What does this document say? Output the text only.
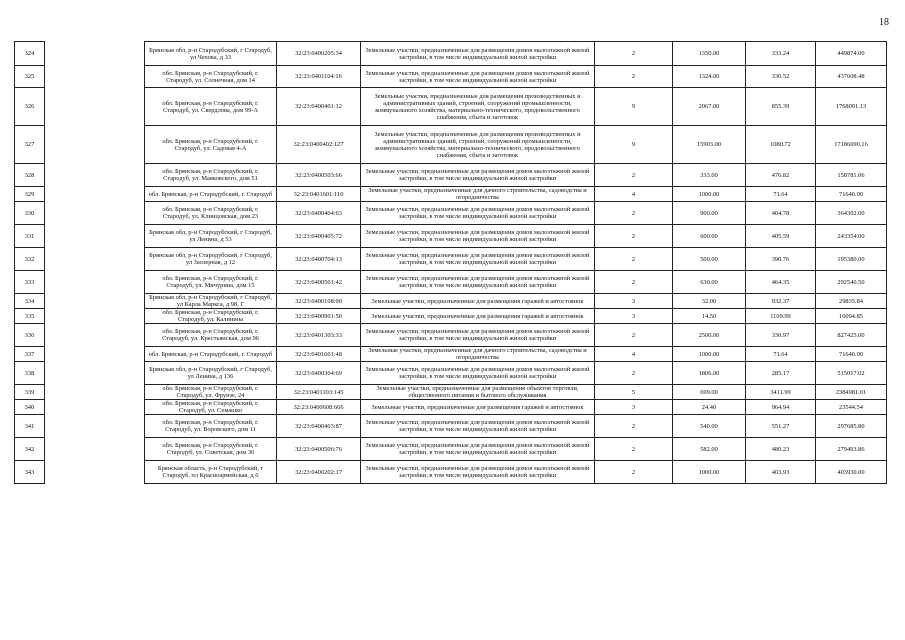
18
324		Брянская обл, р-н Стародубский, г Стародуб, ул Чехова, д 33	32:23:0400205:34	Земельные участки, предназначенные для размещения домов малоэтажной жилой застройки, в том числе индивидуальной жилой застройки	2	1350.00	333.24	449874.00
325		обл. Брянская, р-н Стародубский, г. Стародуб, ул. Солнечная, дом 14	32:23:0401104:16	Земельные участки, предназначенные для размещения домов малоэтажной жилой застройки, в том числе индивидуальной жилой застройки	2	1324.00	330.52	437608.48
326		обл. Брянская, р-н Стародубский, г. Стародуб, ул. Свердлова, дом 99-А	32:23:0400401:12	Земельные участки, предназначенные для размещения производственных и административных зданий, строений, сооружений промышленности, коммунального хозяйства, материально-технического, продовольственного снабжения, сбыта и заготовок	9	2067.00	855.39	1768091.13
327		обл. Брянская, р-н Стародубский, г. Стародуб, ул. Садовая 4-А	32:23:0400402:127	Земельные участки, предназначенные для размещения производственных и административных зданий, строений, сооружений промышленности, коммунального хозяйства, материально-технического, продовольственного снабжения, сбыта и заготовок	9	15903.00	1080.72	17186690.16
328		обл. Брянская, р-н Стародубский, г. Стародуб, ул. Маяковского, дом 51	32:23:0400503:66	Земельные участки, предназначенные для размещения домов малоэтажной жилой застройки, в том числе индивидуальной жилой застройки	2	333.00	476.82	158781.06
329		обл. Брянская, р-н Стародубский, г. Стародуб	32:23:0401601:110	Земельные участки, предназначенные для дачного строительства, садоводства и огородничества	4	1000.00	71.64	71640.00
330		обл. Брянская, р-н Стародубский, г. Стародуб, ул. Клинцовская, дом 23	32:23:0400404:63	Земельные участки, предназначенные для размещения домов малоэтажной жилой застройки, в том числе индивидуальной жилой застройки	2	900.00	404.78	364302.00
331		Брянская обл, р-н Стародубский, г Стародуб, ул Ленина, д 53	32:23:0400405:72	Земельные участки, предназначенные для размещения домов малоэтажной жилой застройки, в том числе индивидуальной жилой застройки	2	600.00	405.59	243354.00
332		Брянская обл, р-н Стародубский, г Стародуб, ул Заозерная, д 12	32:23:0400704:13	Земельные участки, предназначенные для размещения домов малоэтажной жилой застройки, в том числе индивидуальной жилой застройки	2	500.00	390.76	195380.00
333		обл. Брянская, р-н Стародубский, г. Стародуб, ул. Мичурина, дом 15	32:23:0400501:42	Земельные участки, предназначенные для размещения домов малоэтажной жилой застройки, в том числе индивидуальной жилой застройки	2	630.00	464.35	292540.50
334		Брянская обл, р-н Стародубский, г Стародуб, ул Карла Маркса, д 98, Г	32:23:0400108:90	Земельные участки, предназначенные для размещения гаражей и автостоянок	3	32.00	932.37	29835.84
335		обл. Брянская, р-н Стародубский, г. Стародуб, ул. Калинина	32:23:0400901:50	Земельные участки, предназначенные для размещения гаражей и автостоянок	3	14.50	1109.99	16094.85
336		обл. Брянская, р-н Стародубский, г. Стародуб, ул. Крестьянская, дом 96	32:23:0401303:33	Земельные участки, предназначенные для размещения домов малоэтажной жилой застройки, в том числе индивидуальной жилой застройки	2	2500.00	330.97	827425.00
337		обл. Брянская, р-н Стародубский, г. Стародуб	32:23:0401601:48	Земельные участки, предназначенные для дачного строительства, садоводства и огородничества	4	1000.00	71.64	71640.00
338		Брянская обл, р-н Стародубский, г Стародуб, ул Ленина, д 136	32:23:0400304:69	Земельные участки, предназначенные для размещения домов малоэтажной жилой застройки, в том числе индивидуальной жилой застройки	2	1806.00	285.17	515017.02
339		обл. Брянская, р-н Стародубский, г. Стародуб, ул. Фрунзе, 24	32:23:0401103:145	Земельные участки, предназначенные для размещения объектов торговли, общественного питания и бытового обслуживания	5	699.00	3411.99	2384981.01
340		обл. Брянская, р-н Стародубский, г. Стародуб, ул. Семашко	32:23:0400608:666	Земельные участки, предназначенные для размещения гаражей и автостоянок	3	24.40	964.94	23544.54
341		обл. Брянская, р-н Стародубский, г. Стародуб, ул. Воровского, дом 11	32:23:0400403:87	Земельные участки, предназначенные для размещения домов малоэтажной жилой застройки, в том числе индивидуальной жилой застройки	2	540.00	551.27	297685.80
342		обл. Брянская, р-н Стародубский, г. Стародуб, ул. Советская, дом 36	32:23:0400506:76	Земельные участки, предназначенные для размещения домов малоэтажной жилой застройки, в том числе индивидуальной жилой застройки	2	582.00	480.23	279493.86
343		Брянская область, р-н Стародубский, г Стародуб, пл Красноармейская, д 6	32:23:0400202:17	Земельные участки, предназначенные для размещения домов малоэтажной жилой застройки, в том числе индивидуальной жилой застройки	2	1000.00	403.93	403930.00
